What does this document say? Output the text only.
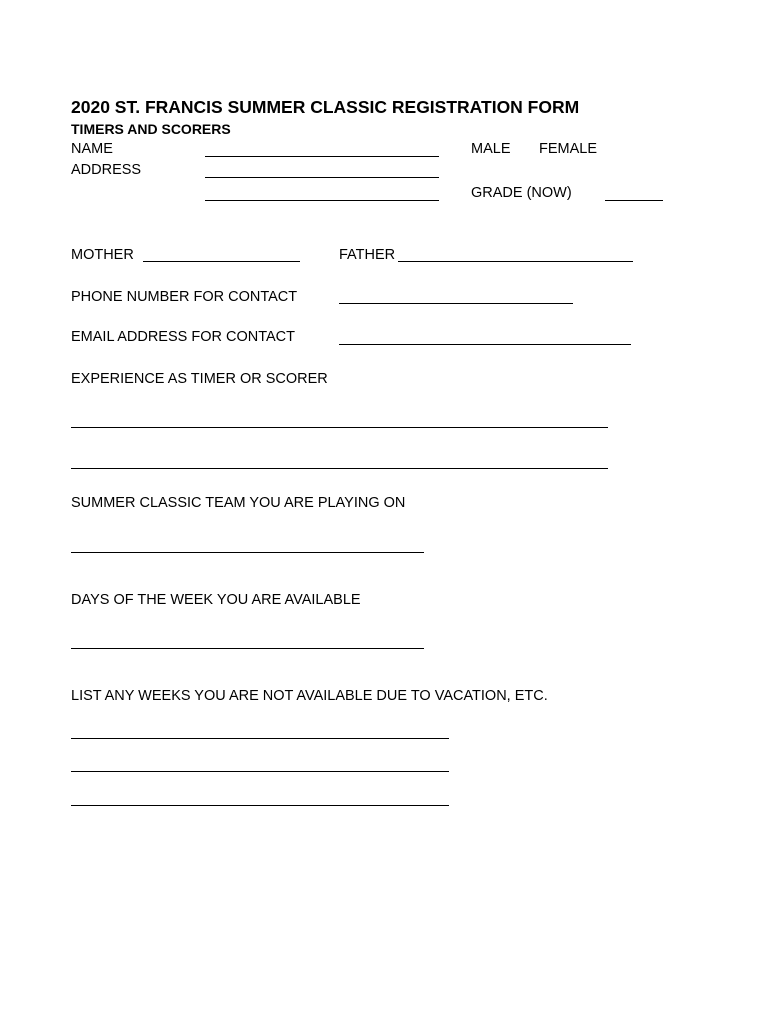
2020 ST. FRANCIS SUMMER CLASSIC REGISTRATION FORM
TIMERS AND SCORERS
NAME	MALE FEMALE
ADDRESS
GRADE (NOW)
MOTHER	FATHER
PHONE NUMBER FOR CONTACT
EMAIL ADDRESS FOR CONTACT
EXPERIENCE AS TIMER OR SCORER
SUMMER CLASSIC TEAM YOU ARE PLAYING ON
DAYS OF THE WEEK YOU ARE AVAILABLE
LIST ANY WEEKS YOU ARE NOT AVAILABLE DUE TO VACATION, ETC.
